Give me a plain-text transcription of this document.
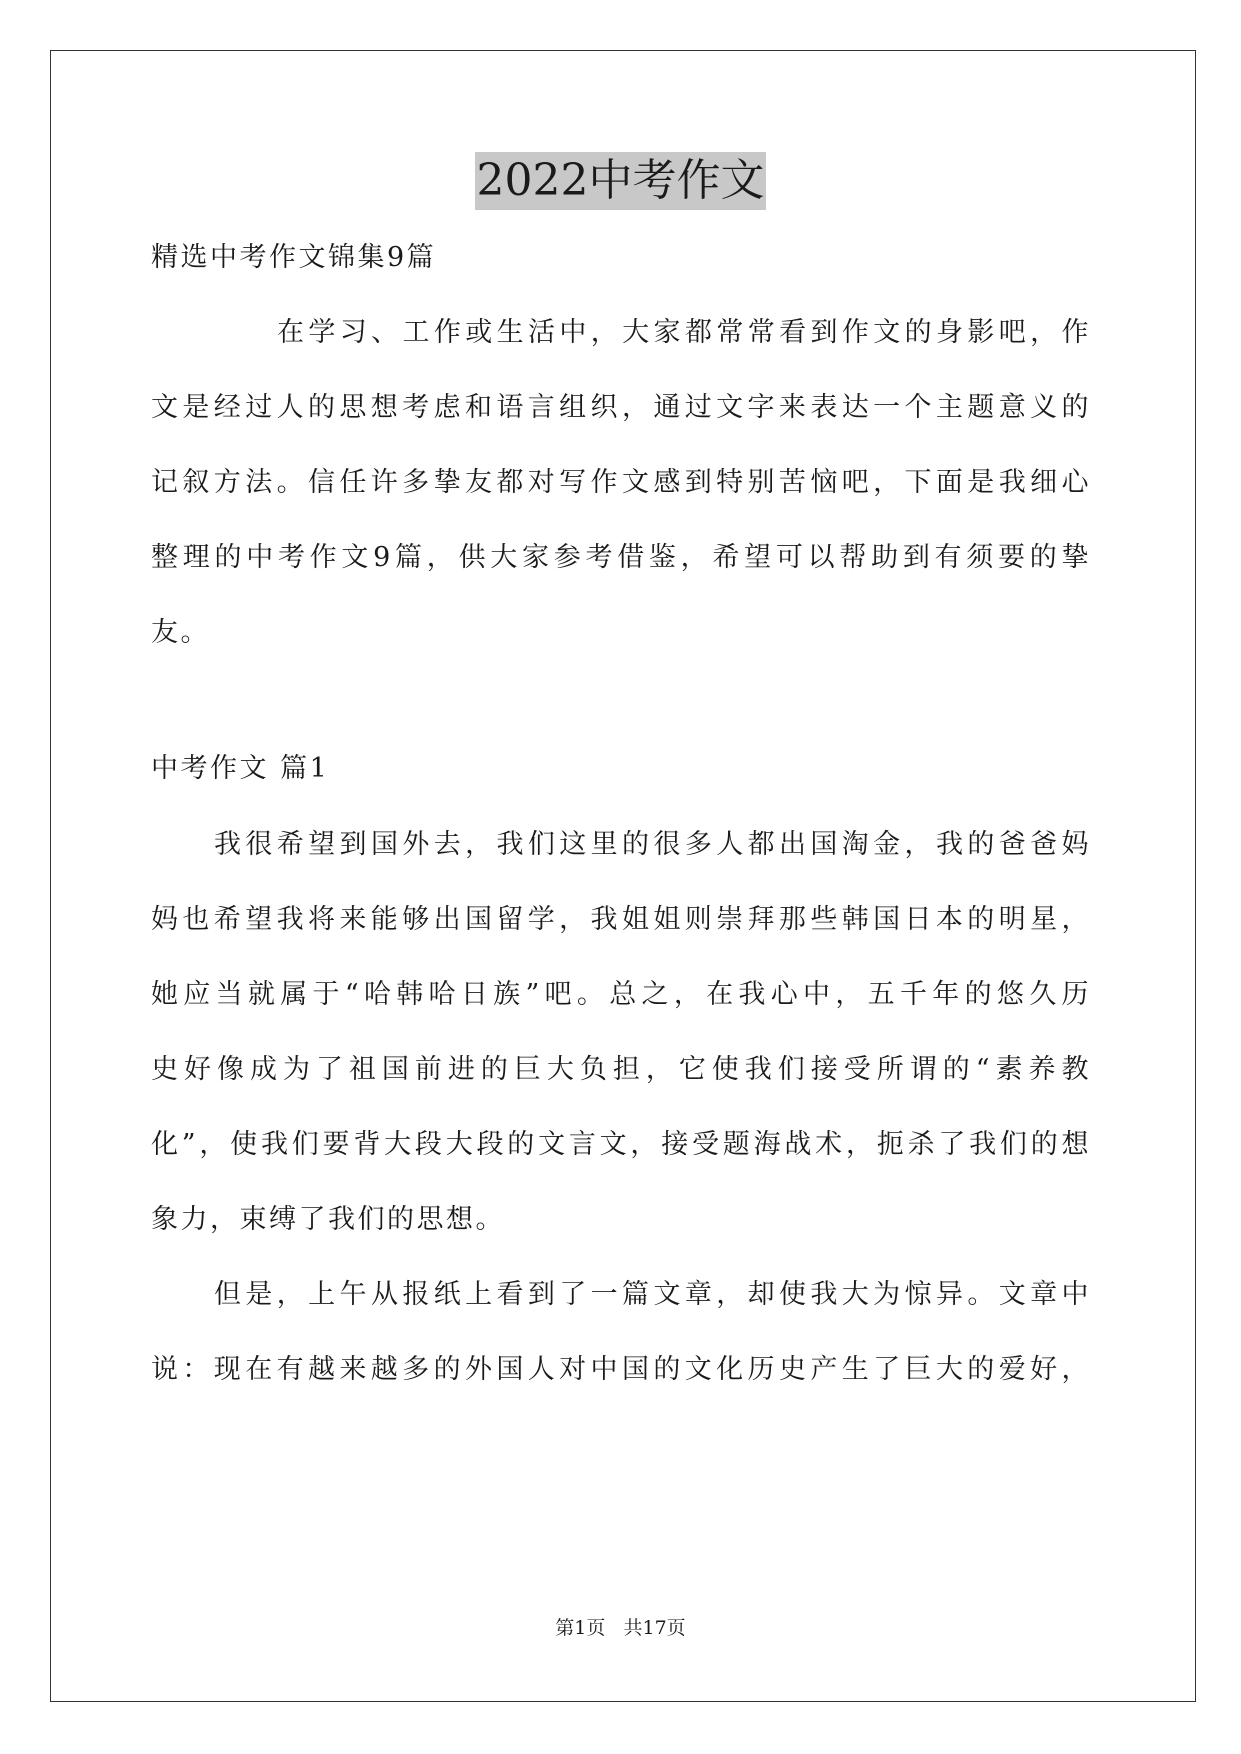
2022中考作文
精选中考作文锦集9篇
在学习、工作或生活中，大家都常常看到作文的身影吧，作
文是经过人的思想考虑和语言组织，通过文字来表达一个主题意义的
记叙方法。信任许多挚友都对写作文感到特别苦恼吧，下面是我细心
整理的中考作文9篇，供大家参考借鉴，希望可以帮助到有须要的挚
友。
中考作文 篇1
我很希望到国外去，我们这里的很多人都出国淘金，我的爸爸妈
妈也希望我将来能够出国留学，我姐姐则崇拜那些韩国日本的明星，
她应当就属于“哈韩哈日族”吧。总之，在我心中，五千年的悠久历
史好像成为了祖国前进的巨大负担，它使我们接受所谓的“素养教
化”，使我们要背大段大段的文言文，接受题海战术，扼杀了我们的想
象力，束缚了我们的思想。
但是，上午从报纸上看到了一篇文章，却使我大为惊异。文章中
说：现在有越来越多的外国人对中国的文化历史产生了巨大的爱好，
第1页   共17页
